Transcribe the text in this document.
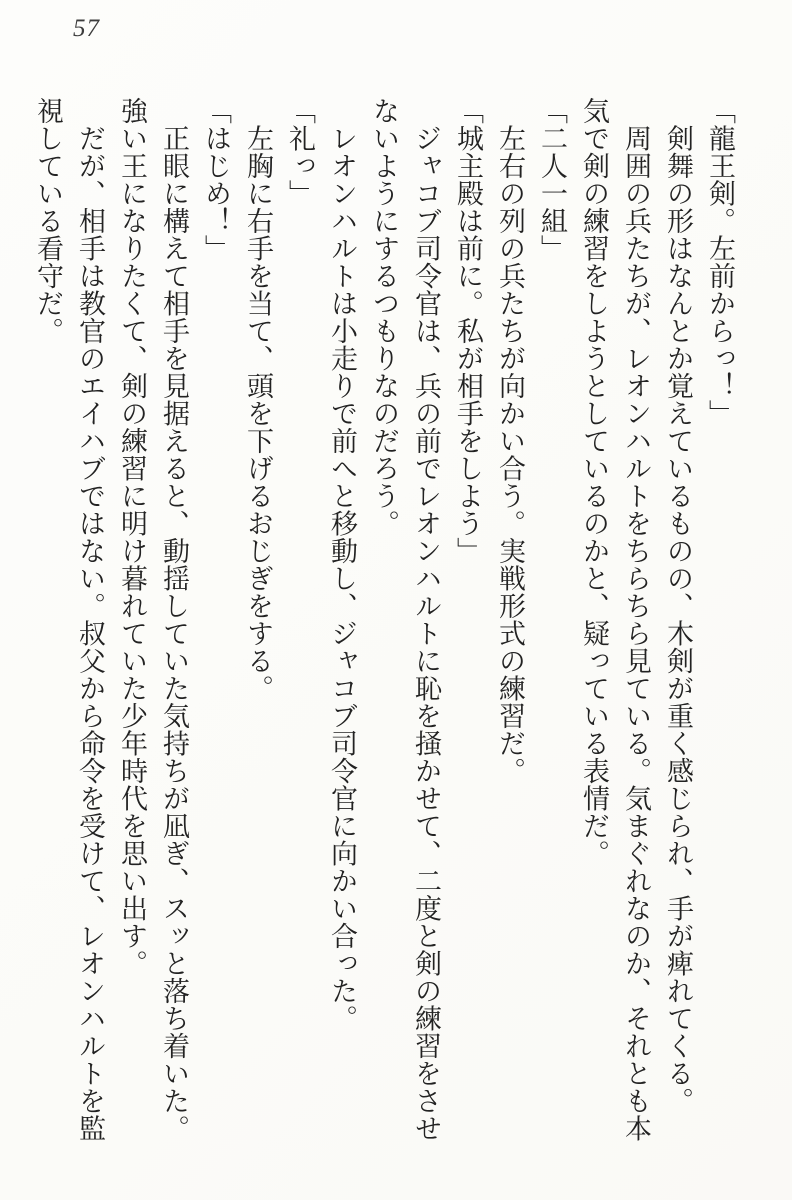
57
「龍王剣。左前からっ！」
　剣舞の形はなんとか覚えているものの、木剣が重く感じられ、手が痺れてくる。
　周囲の兵たちが、レオンハルトをちらちら見ている。気まぐれなのか、それとも本
気で剣の練習をしようとしているのかと、疑っている表情だ。
「二人一組」
　左右の列の兵たちが向かい合う。実戦形式の練習だ。
「城主殿は前に。私が相手をしよう」
　ジャコブ司令官は、兵の前でレオンハルトに恥を掻かせて、二度と剣の練習をさせ
ないようにするつもりなのだろう。
　レオンハルトは小走りで前へと移動し、ジャコブ司令官に向かい合った。
「礼っ」
　左胸に右手を当て、頭を下げるおじぎをする。
「はじめ！」
　正眼に構えて相手を見据えると、動揺していた気持ちが凪ぎ、スッと落ち着いた。
強い王になりたくて、剣の練習に明け暮れていた少年時代を思い出す。
　だが、相手は教官のエイハブではない。叔父から命令を受けて、レオンハルトを監
視している看守だ。
